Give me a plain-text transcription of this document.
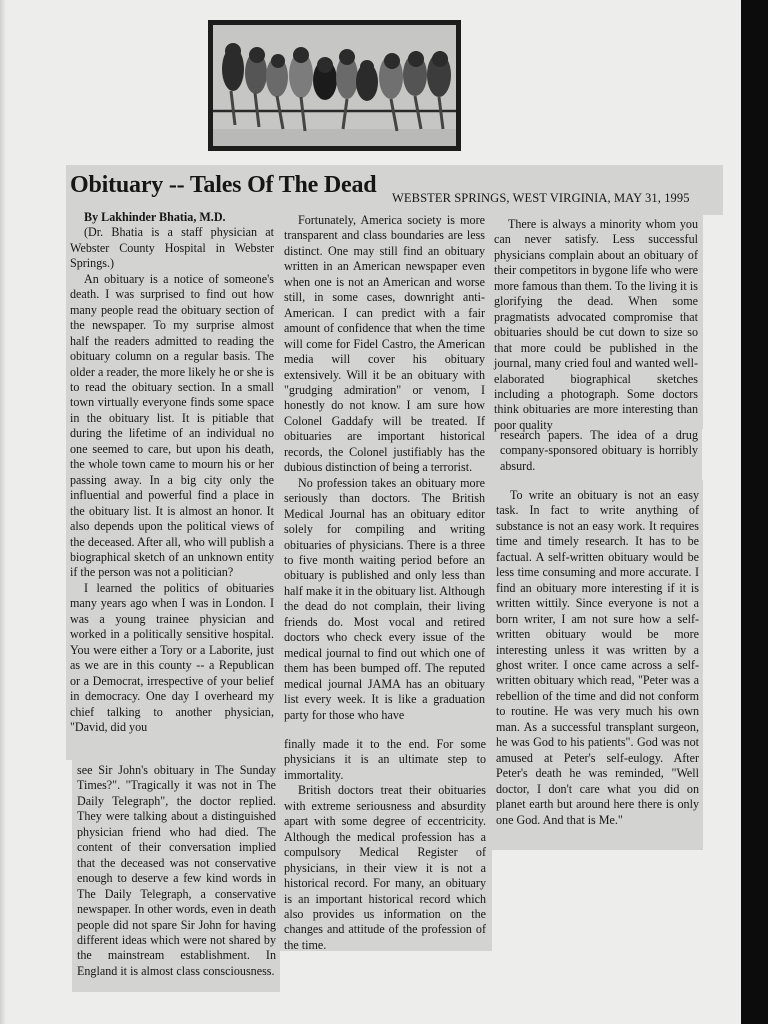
Obituary -- Tales Of The Dead WEBSTER SPRINGS, WEST VIRGINIA, MAY 31, 1995

By Lakhinder Bhatia, M.D.

(Dr. Bhatia is a staff physician at Webster County Hospital in Webster Springs.)

An obituary is a notice of someone's death. I was surprised to find out how many people read the obituary section of the newspaper. To my surprise almost half the readers admitted to reading the obituary column on a regular basis. The older a reader, the more likely he or she is to read the obituary section. In a small town virtually everyone finds some space in the obituary list. It is pitiable that during the lifetime of an individual no one seemed to care, but upon his death, the whole town came to mourn his or her passing away. In a big city only the influential and powerful find a place in the obituary list. It is almost an honor. It also depends upon the political views of the deceased. After all, who will publish a biographical sketch of an unknown entity if the person was not a politician?

I learned the politics of obituaries many years ago when I was in London. I was a young trainee physician and worked in a politically sensitive hospital. You were either a Tory or a Laborite, just as we are in this county -- a Republican or a Democrat, irrespective of your belief in democracy. One day I overheard my chief talking to another physician, "David, did you

see Sir John's obituary in The Sunday Times?". "Tragically it was not in The Daily Telegraph", the doctor replied. They were talking about a distinguished physician friend who had died. The content of their conversation implied that the deceased was not conservative enough to deserve a few kind words in The Daily Telegraph, a conservative newspaper. In other words, even in death people did not spare Sir John for having different ideas which were not shared by the mainstream establishment. In England it is almost class consciousness.

Fortunately, America society is more transparent and class boundaries are less distinct. One may still find an obituary written in an American newspaper even when one is not an American and worse still, in some cases, downright anti-American. I can predict with a fair amount of confidence that when the time will come for Fidel Castro, the American media will cover his obituary extensively. Will it be an obituary with "grudging admiration" or venom, I honestly do not know. I am sure how Colonel Gaddafy will be treated. If obituaries are important historical records, the Colonel justifiably has the dubious distinction of being a terrorist.

No profession takes an obituary more seriously than doctors. The British Medical Journal has an obituary editor solely for compiling and writing obituaries of physicians. There is a three to five month waiting period before an obituary is published and only less than half make it in the obituary list. Although the dead do not complain, their living friends do. Most vocal and retired doctors who check every issue of the medical journal to find out which one of them has been bumped off. The reputed medical journal JAMA has an obituary list every week. It is like a graduation party for those who have

finally made it to the end. For some physicians it is an ultimate step to immortality.

British doctors treat their obituaries with extreme seriousness and absurdity apart with some degree of eccentricity. Although the medical profession has a compulsory Medical Register of physicians, in their view it is not a historical record. For many, an obituary is an important historical record which also provides us information on the changes and attitude of the profession of the time.

There is always a minority whom you can never satisfy. Less successful physicians complain about an obituary of their competitors in bygone life who were more famous than them. To the living it is glorifying the dead. When some pragmatists advocated compromise that obituaries should be cut down to size so that more could be published in the journal, many cried foul and wanted well-elaborated biographical sketches including a photograph. Some doctors think obituaries are more interesting than poor quality

research papers. The idea of a drug company-sponsored obituary is horribly absurd.

To write an obituary is not an easy task. In fact to write anything of substance is not an easy work. It requires time and timely research. It has to be factual. A self-written obituary would be less time consuming and more accurate. I find an obituary more interesting if it is written wittily. Since everyone is not a born writer, I am not sure how a self-written obituary would be more interesting unless it was written by a ghost writer. I once came across a self-written obituary which read, "Peter was a rebellion of the time and did not conform to routine. He was very much his own man. As a successful transplant surgeon, he was God to his patients". God was not amused at Peter's self-eulogy. After Peter's death he was reminded, "Well doctor, I don't care what you did on planet earth but around here there is only one God. And that is Me."
